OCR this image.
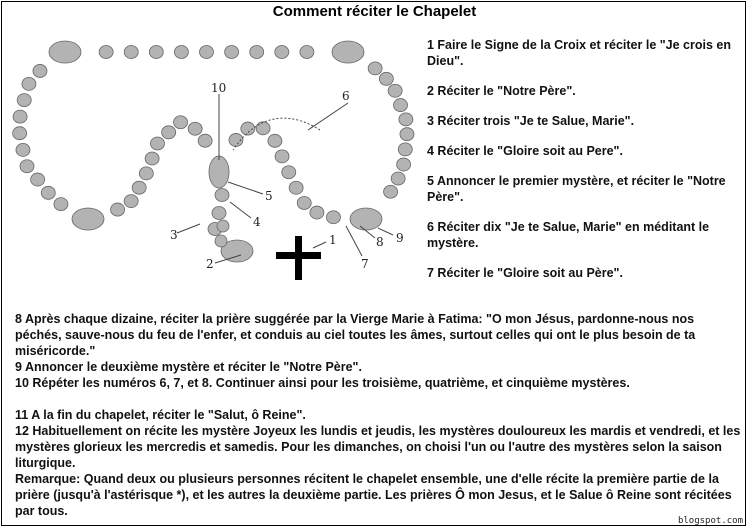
Comment réciter le Chapelet
1
2
3
4
5
6
7
8 9
10

1 Faire le Signe de la Croix et réciter le "Je crois en Dieu".

2 Réciter le "Notre Père".

3 Réciter trois "Je te Salue, Marie".

4 Réciter le "Gloire soit au Pere".

5 Annoncer le premier mystère, et réciter le "Notre Père".

6 Réciter dix "Je te Salue, Marie" en méditant le mystère.

7 Réciter le "Gloire soit au Père".

8 Après chaque dizaine, réciter la prière suggérée par la Vierge Marie à Fatima: "O mon Jésus, pardonne-nous nos péchés, sauve-nous du feu de l'enfer, et conduis au ciel toutes les âmes, surtout celles qui ont le plus besoin de ta miséricorde."

9 Annoncer le deuxième mystère et réciter le "Notre Père".

10 Répéter les numéros 6, 7, et 8. Continuer ainsi pour les troisième, quatrième, et cinquième mystères.

11 A la fin du chapelet, réciter le "Salut, ô Reine".

12 Habituellement on récite les mystère Joyeux les lundis et jeudis, les mystères douloureux les mardis et vendredi, et les mystères glorieux les mercredis et samedis. Pour les dimanches, on choisi l'un ou l'autre des mystères selon la saison liturgique.

Remarque: Quand deux ou plusieurs personnes récitent le chapelet ensemble, une d'elle récite la première partie de la prière (jusqu'à l'astérisque *), et les autres la deuxième partie. Les prières Ô mon Jesus, et le Salue ô Reine sont récitées par tous.

blogspot.com
